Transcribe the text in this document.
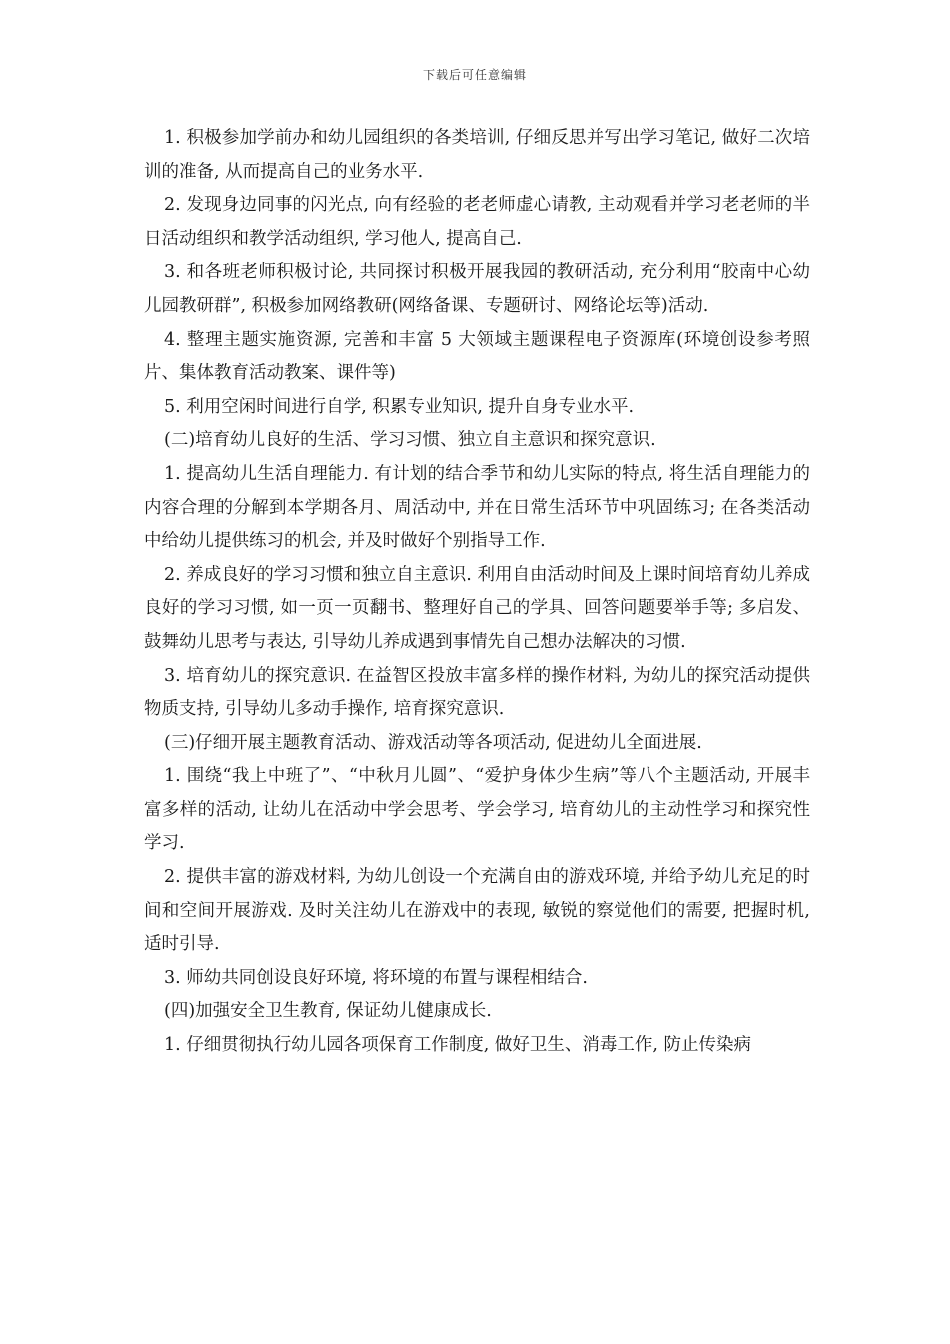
下载后可任意编辑

1. 积极参加学前办和幼儿园组织的各类培训, 仔细反思并写出学习笔记, 做好二次培训的准备, 从而提高自己的业务水平.

2. 发现身边同事的闪光点, 向有经验的老老师虚心请教, 主动观看并学习老老师的半日活动组织和教学活动组织, 学习他人, 提高自己.

3. 和各班老师积极讨论, 共同探讨积极开展我园的教研活动, 充分利用“胶南中心幼儿园教研群”, 积极参加网络教研(网络备课、专题研讨、网络论坛等)活动.

4. 整理主题实施资源, 完善和丰富 5 大领域主题课程电子资源库(环境创设参考照片、集体教育活动教案、课件等)

5. 利用空闲时间进行自学, 积累专业知识, 提升自身专业水平.

(二)培育幼儿良好的生活、学习习惯、独立自主意识和探究意识.

1. 提高幼儿生活自理能力. 有计划的结合季节和幼儿实际的特点, 将生活自理能力的内容合理的分解到本学期各月、周活动中, 并在日常生活环节中巩固练习; 在各类活动中给幼儿提供练习的机会, 并及时做好个别指导工作.

2. 养成良好的学习习惯和独立自主意识. 利用自由活动时间及上课时间培育幼儿养成良好的学习习惯, 如一页一页翻书、整理好自己的学具、回答问题要举手等; 多启发、鼓舞幼儿思考与表达, 引导幼儿养成遇到事情先自己想办法解决的习惯.

3. 培育幼儿的探究意识. 在益智区投放丰富多样的操作材料, 为幼儿的探究活动提供物质支持, 引导幼儿多动手操作, 培育探究意识.

(三)仔细开展主题教育活动、游戏活动等各项活动, 促进幼儿全面进展.

1. 围绕“我上中班了”、“中秋月儿圆”、“爱护身体少生病”等八个主题活动, 开展丰富多样的活动, 让幼儿在活动中学会思考、学会学习, 培育幼儿的主动性学习和探究性学习.

2. 提供丰富的游戏材料, 为幼儿创设一个充满自由的游戏环境, 并给予幼儿充足的时间和空间开展游戏. 及时关注幼儿在游戏中的表现, 敏锐的察觉他们的需要, 把握时机, 适时引导.

3. 师幼共同创设良好环境, 将环境的布置与课程相结合.

(四)加强安全卫生教育, 保证幼儿健康成长.

1. 仔细贯彻执行幼儿园各项保育工作制度, 做好卫生、消毒工作, 防止传染病
